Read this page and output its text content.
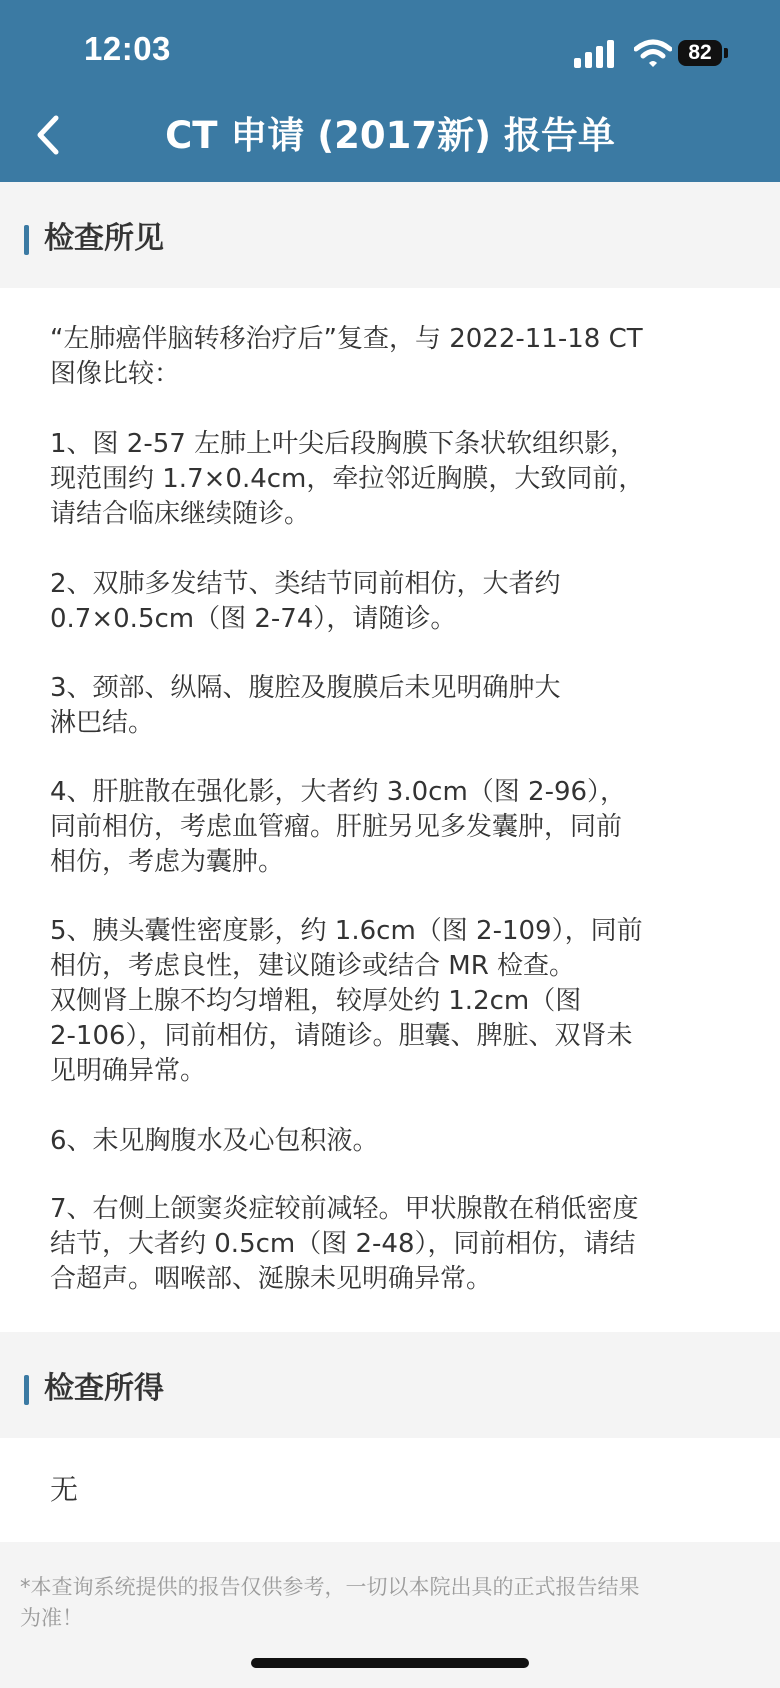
12:03	82
CT 申请 (2017新) 报告单
检查所见

“左肺癌伴脑转移治疗后”复查，与 2022-11-18 CT
图像比较：

1、图 2-57 左肺上叶尖后段胸膜下条状软组织影，
现范围约 1.7×0.4cm，牵拉邻近胸膜，大致同前，
请结合临床继续随诊。

2、双肺多发结节、类结节同前相仿，大者约
0.7×0.5cm（图 2-74），请随诊。

3、颈部、纵隔、腹腔及腹膜后未见明确肿大
淋巴结。

4、肝脏散在强化影，大者约 3.0cm（图 2-96），
同前相仿，考虑血管瘤。肝脏另见多发囊肿，同前
相仿，考虑为囊肿。

5、胰头囊性密度影，约 1.6cm（图 2-109），同前
相仿，考虑良性，建议随诊或结合 MR 检查。
双侧肾上腺不均匀增粗，较厚处约 1.2cm（图
2-106），同前相仿，请随诊。胆囊、脾脏、双肾未
见明确异常。

6、未见胸腹水及心包积液。

7、右侧上颌窦炎症较前减轻。甲状腺散在稍低密度
结节，大者约 0.5cm（图 2-48），同前相仿，请结
合超声。咽喉部、涎腺未见明确异常。

检查所得
无

*本查询系统提供的报告仅供参考，一切以本院出具的正式报告结果
为准！
